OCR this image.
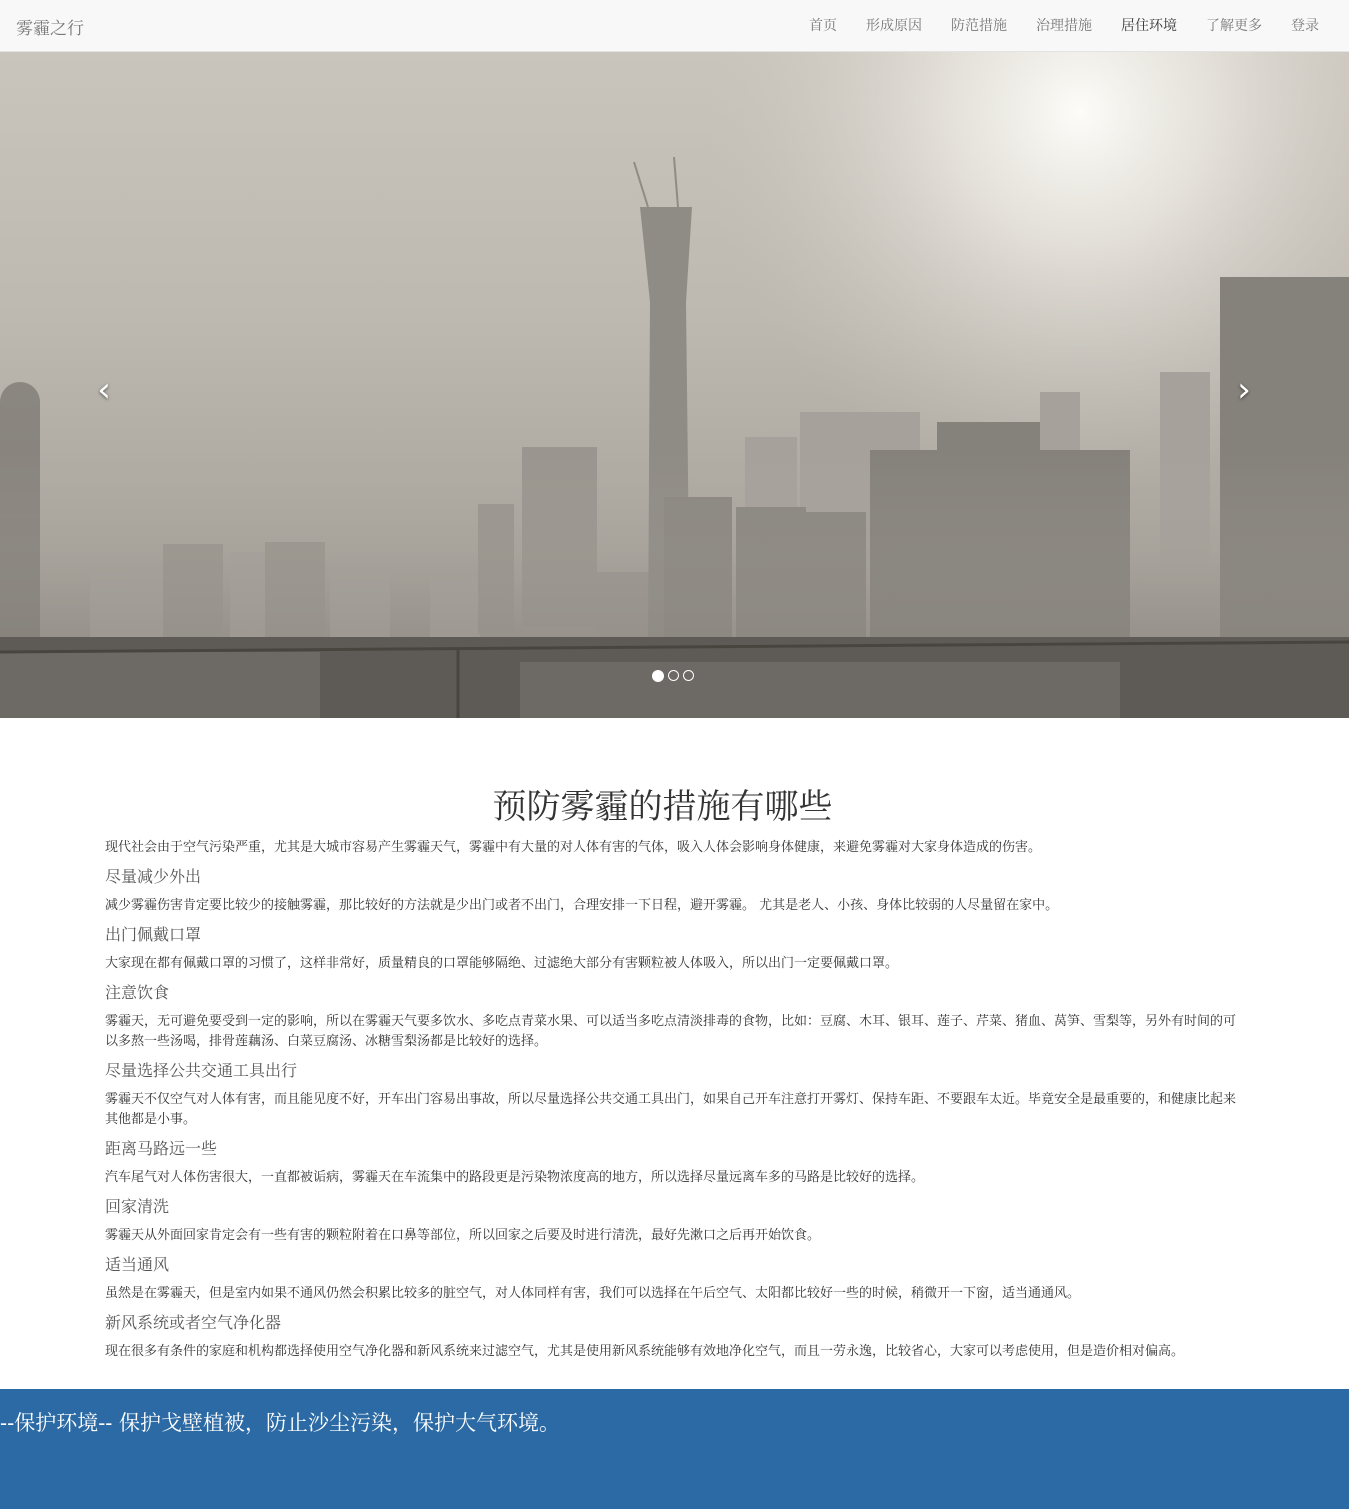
雾霾之行	首页 形成原因 防范措施 治理措施 居住环境 了解更多 登录
‹	›
预防雾霾的措施有哪些

现代社会由于空气污染严重，尤其是大城市容易产生雾霾天气，雾霾中有大量的对人体有害的气体，吸入人体会影响身体健康，来避免雾霾对大家身体造成的伤害。

尽量减少外出

减少雾霾伤害肯定要比较少的接触雾霾，那比较好的方法就是少出门或者不出门，合理安排一下日程，避开雾霾。 尤其是老人、小孩、身体比较弱的人尽量留在家中。

出门佩戴口罩

大家现在都有佩戴口罩的习惯了，这样非常好，质量精良的口罩能够隔绝、过滤绝大部分有害颗粒被人体吸入，所以出门一定要佩戴口罩。

注意饮食

雾霾天，无可避免要受到一定的影响，所以在雾霾天气要多饮水、多吃点青菜水果、可以适当多吃点清淡排毒的食物，比如：豆腐、木耳、银耳、莲子、芹菜、猪血、莴笋、雪梨等，另外有时间的可以多熬一些汤喝，排骨莲藕汤、白菜豆腐汤、冰糖雪梨汤都是比较好的选择。

尽量选择公共交通工具出行

雾霾天不仅空气对人体有害，而且能见度不好，开车出门容易出事故，所以尽量选择公共交通工具出门，如果自己开车注意打开雾灯、保持车距、不要跟车太近。毕竟安全是最重要的，和健康比起来其他都是小事。

距离马路远一些

汽车尾气对人体伤害很大，一直都被诟病，雾霾天在车流集中的路段更是污染物浓度高的地方，所以选择尽量远离车多的马路是比较好的选择。

回家清洗

雾霾天从外面回家肯定会有一些有害的颗粒附着在口鼻等部位，所以回家之后要及时进行清洗，最好先漱口之后再开始饮食。

适当通风

虽然是在雾霾天，但是室内如果不通风仍然会积累比较多的脏空气，对人体同样有害，我们可以选择在午后空气、太阳都比较好一些的时候，稍微开一下窗，适当通通风。

新风系统或者空气净化器

现在很多有条件的家庭和机构都选择使用空气净化器和新风系统来过滤空气，尤其是使用新风系统能够有效地净化空气，而且一劳永逸，比较省心，大家可以考虑使用，但是造价相对偏高。

--保护环境-- 保护戈壁植被，防止沙尘污染，保护大气环境。
